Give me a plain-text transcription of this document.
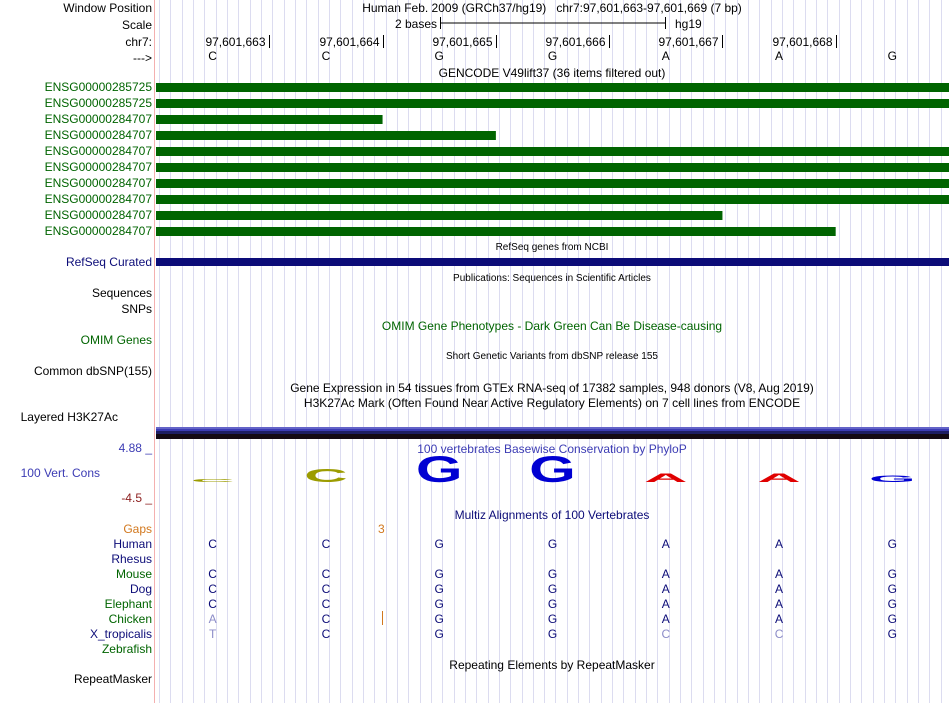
C	C	G	G	A	A	G
Window Position	Human Feb. 2009 (GRCh37/hg19) chr7:97,601,663-97,601,669 (7 bp)
Scale	2 bases	hg19
chr7:	97,601,663	97,601,664	97,601,665	97,601,666	97,601,667	97,601,668
--->	C	C	G	G	A	A	G
GENCODE V49lift37 (36 items filtered out)
ENSG00000285725
ENSG00000285725
ENSG00000284707
ENSG00000284707
ENSG00000284707
ENSG00000284707
ENSG00000284707
ENSG00000284707
ENSG00000284707
ENSG00000284707
RefSeq genes from NCBI
RefSeq Curated
Publications: Sequences in Scientific Articles
Sequences
SNPs
OMIM Gene Phenotypes - Dark Green Can Be Disease-causing
OMIM Genes
Short Genetic Variants from dbSNP release 155
Common dbSNP(155)
Gene Expression in 54 tissues from GTEx RNA-seq of 17382 samples, 948 donors (V8, Aug 2019)
H3K27Ac Mark (Often Found Near Active Regulatory Elements) on 7 cell lines from ENCODE
Layered H3K27Ac
100 vertebrates Basewise Conservation by PhyloP
4.88 _
100 Vert. Cons
-4.5 _
Multiz Alignments of 100 Vertebrates
Gaps	3
Human	C	C	G	G	A	A	G
Rhesus
Mouse	C	C	G	G	A	A	G
Dog	C	C	G	G	A	A	G
Elephant	C	C	G	G	A	A	G
Chicken	A	C	G	G	A	A	G
X_tropicalis	T	C	G	G	C	C	G
Zebrafish
Repeating Elements by RepeatMasker
RepeatMasker
